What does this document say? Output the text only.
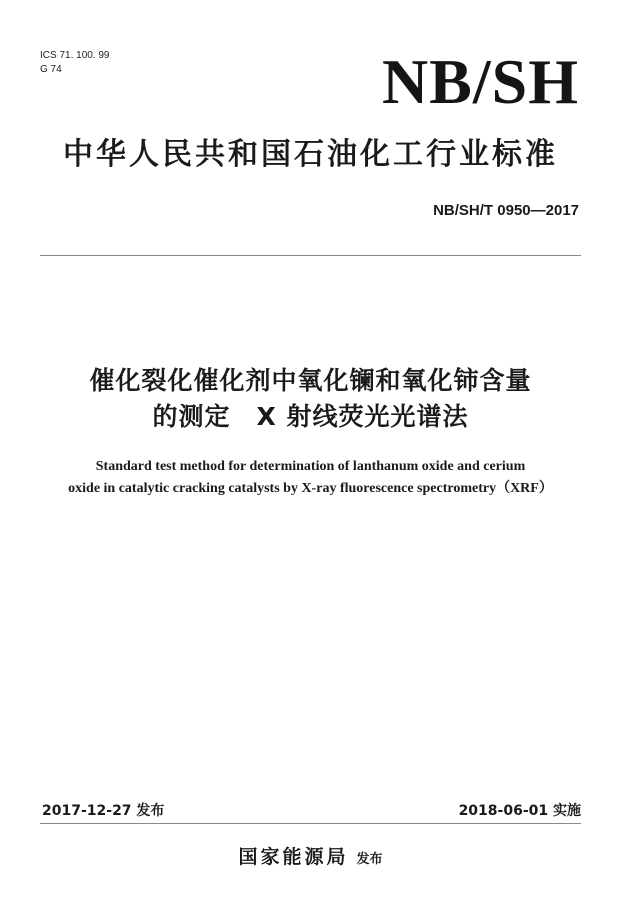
ICS 71. 100. 99
G 74	NB/SH
中华人民共和国石油化工行业标准
NB/SH/T 0950—2017
催化裂化催化剂中氧化镧和氧化铈含量
的测定　X 射线荧光光谱法
Standard test method for determination of lanthanum oxide and cerium
oxide in catalytic cracking catalysts by X-ray fluorescence spectrometry（XRF）
2017-12-27 发布	2018-06-01 实施
国家能源局 发布
